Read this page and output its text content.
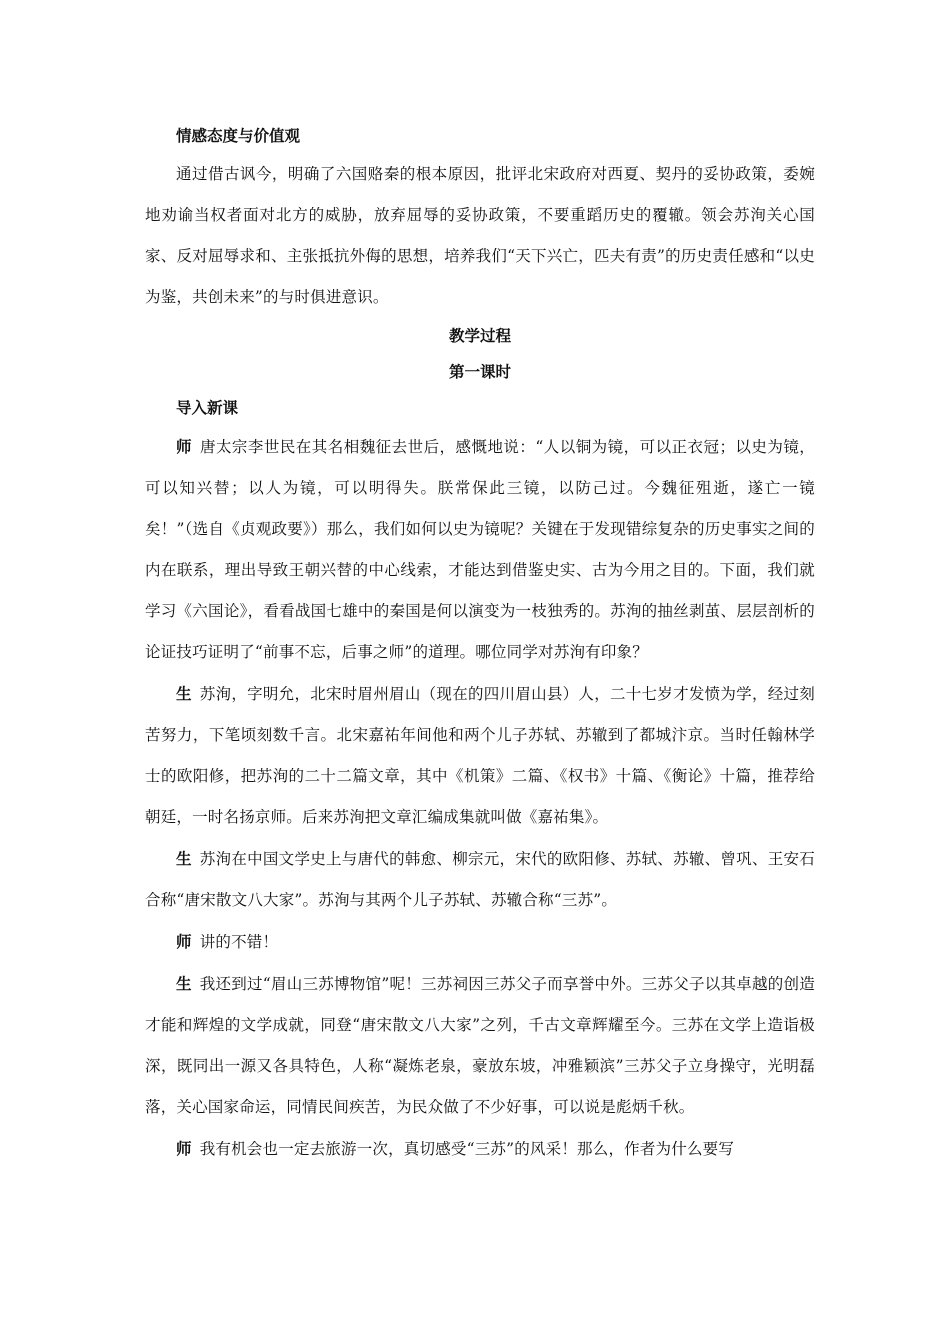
情感态度与价值观

通过借古讽今，明确了六国赂秦的根本原因，批评北宋政府对西夏、契丹的妥协政策，委婉地劝谕当权者面对北方的威胁，放弃屈辱的妥协政策，不要重蹈历史的覆辙。领会苏洵关心国家、反对屈辱求和、主张抵抗外侮的思想，培养我们“天下兴亡，匹夫有责”的历史责任感和“以史为鉴，共创未来”的与时俱进意识。

教学过程
第一课时
导入新课

师 唐太宗李世民在其名相魏征去世后，感慨地说：“人以铜为镜，可以正衣冠；以史为镜，可以知兴替；以人为镜，可以明得失。朕常保此三镜，以防己过。今魏征殂逝，遂亡一镜矣！”（选自《贞观政要》）那么，我们如何以史为镜呢？关键在于发现错综复杂的历史事实之间的内在联系，理出导致王朝兴替的中心线索，才能达到借鉴史实、古为今用之目的。下面，我们就学习《六国论》，看看战国七雄中的秦国是何以演变为一枝独秀的。苏洵的抽丝剥茧、层层剖析的论证技巧证明了“前事不忘，后事之师”的道理。哪位同学对苏洵有印象？

生 苏洵，字明允，北宋时眉州眉山（现在的四川眉山县）人，二十七岁才发愤为学，经过刻苦努力，下笔顷刻数千言。北宋嘉祐年间他和两个儿子苏轼、苏辙到了都城汴京。当时任翰林学士的欧阳修，把苏洵的二十二篇文章，其中《机策》二篇、《权书》十篇、《衡论》十篇，推荐给朝廷，一时名扬京师。后来苏洵把文章汇编成集就叫做《嘉祐集》。

生 苏洵在中国文学史上与唐代的韩愈、柳宗元，宋代的欧阳修、苏轼、苏辙、曾巩、王安石合称“唐宋散文八大家”。苏洵与其两个儿子苏轼、苏辙合称“三苏”。

师 讲的不错！

生 我还到过“眉山三苏博物馆”呢！三苏祠因三苏父子而享誉中外。三苏父子以其卓越的创造才能和辉煌的文学成就，同登“唐宋散文八大家”之列，千古文章辉耀至今。三苏在文学上造诣极深，既同出一源又各具特色，人称“凝炼老泉，豪放东坡，冲雅颖滨”三苏父子立身操守，光明磊落，关心国家命运，同情民间疾苦，为民众做了不少好事，可以说是彪炳千秋。

师 我有机会也一定去旅游一次，真切感受“三苏”的风采！那么，作者为什么要写
